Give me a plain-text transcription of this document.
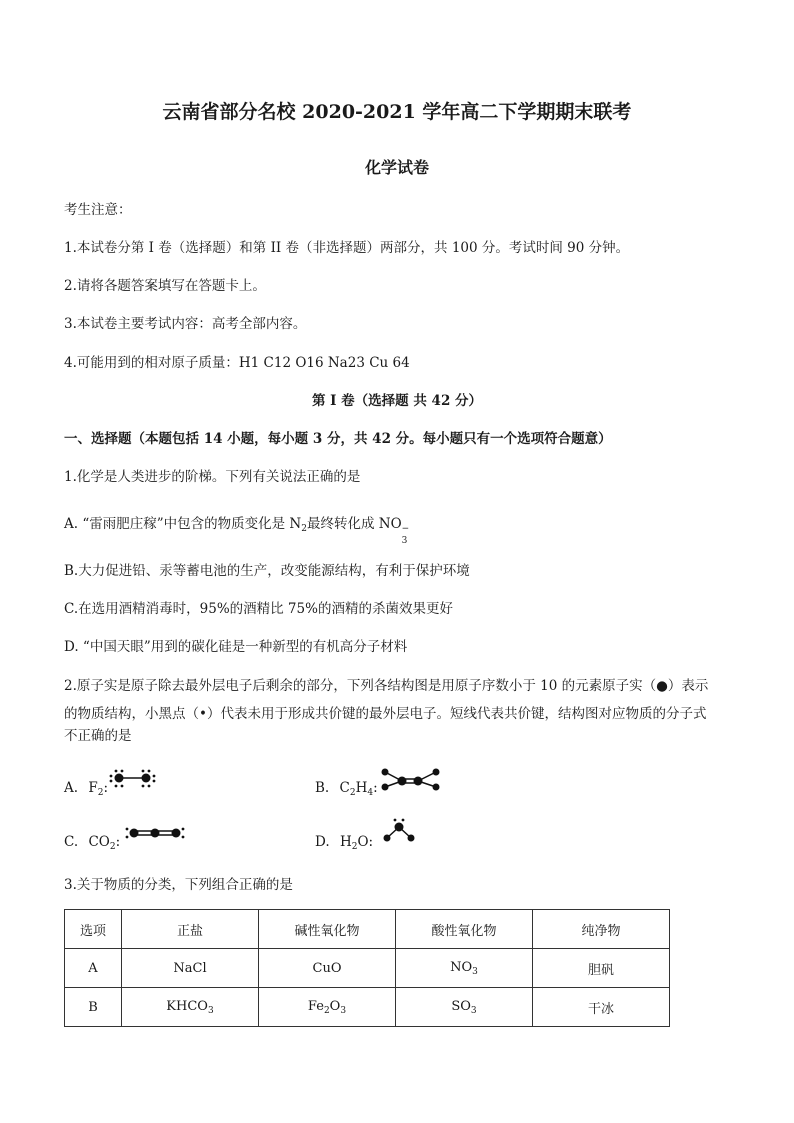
云南省部分名校 2020-2021 学年高二下学期期末联考
化学试卷
考生注意：
1.本试卷分第 I 卷（选择题）和第 II 卷（非选择题）两部分，共 100 分。考试时间 90 分钟。
2.请将各题答案填写在答题卡上。
3.本试卷主要考试内容：高考全部内容。
4.可能用到的相对原子质量：H1 C12 O16 Na23 Cu 64
第 I 卷（选择题 共 42 分）
一、选择题（本题包括 14 小题，每小题 3 分，共 42 分。每小题只有一个选项符合题意）
1.化学是人类进步的阶梯。下列有关说法正确的是
A. “雷雨肥庄稼”中包含的物质变化是 $N_2$最终转化成 NO −
3
B.大力促进铅、汞等蓄电池的生产，改变能源结构，有利于保护环境
C.在选用酒精消毒时，95%的酒精比 75%的酒精的杀菌效果更好
D. “中国天眼”用到的碳化硅是一种新型的有机高分子材料
2.原子实是原子除去最外层电子后剩余的部分，下列各结构图是用原子序数小于 10 的元素原子实（●）表示
的物质结构，小黑点（•）代表未用于形成共价键的最外层电子。短线代表共价键，结构图对应物质的分子式
不正确的是
A. $F_2$:	B. $C_2H_4$:
C. $CO_2$:	D. $H_2O$:
3.关于物质的分类，下列组合正确的是
选项	正盐	碱性氧化物	酸性氧化物	纯净物
A	NaCl	CuO	$NO_3$	胆矾
B	$KHCO_3$	$Fe_2O_3$	$SO_3$	干冰
